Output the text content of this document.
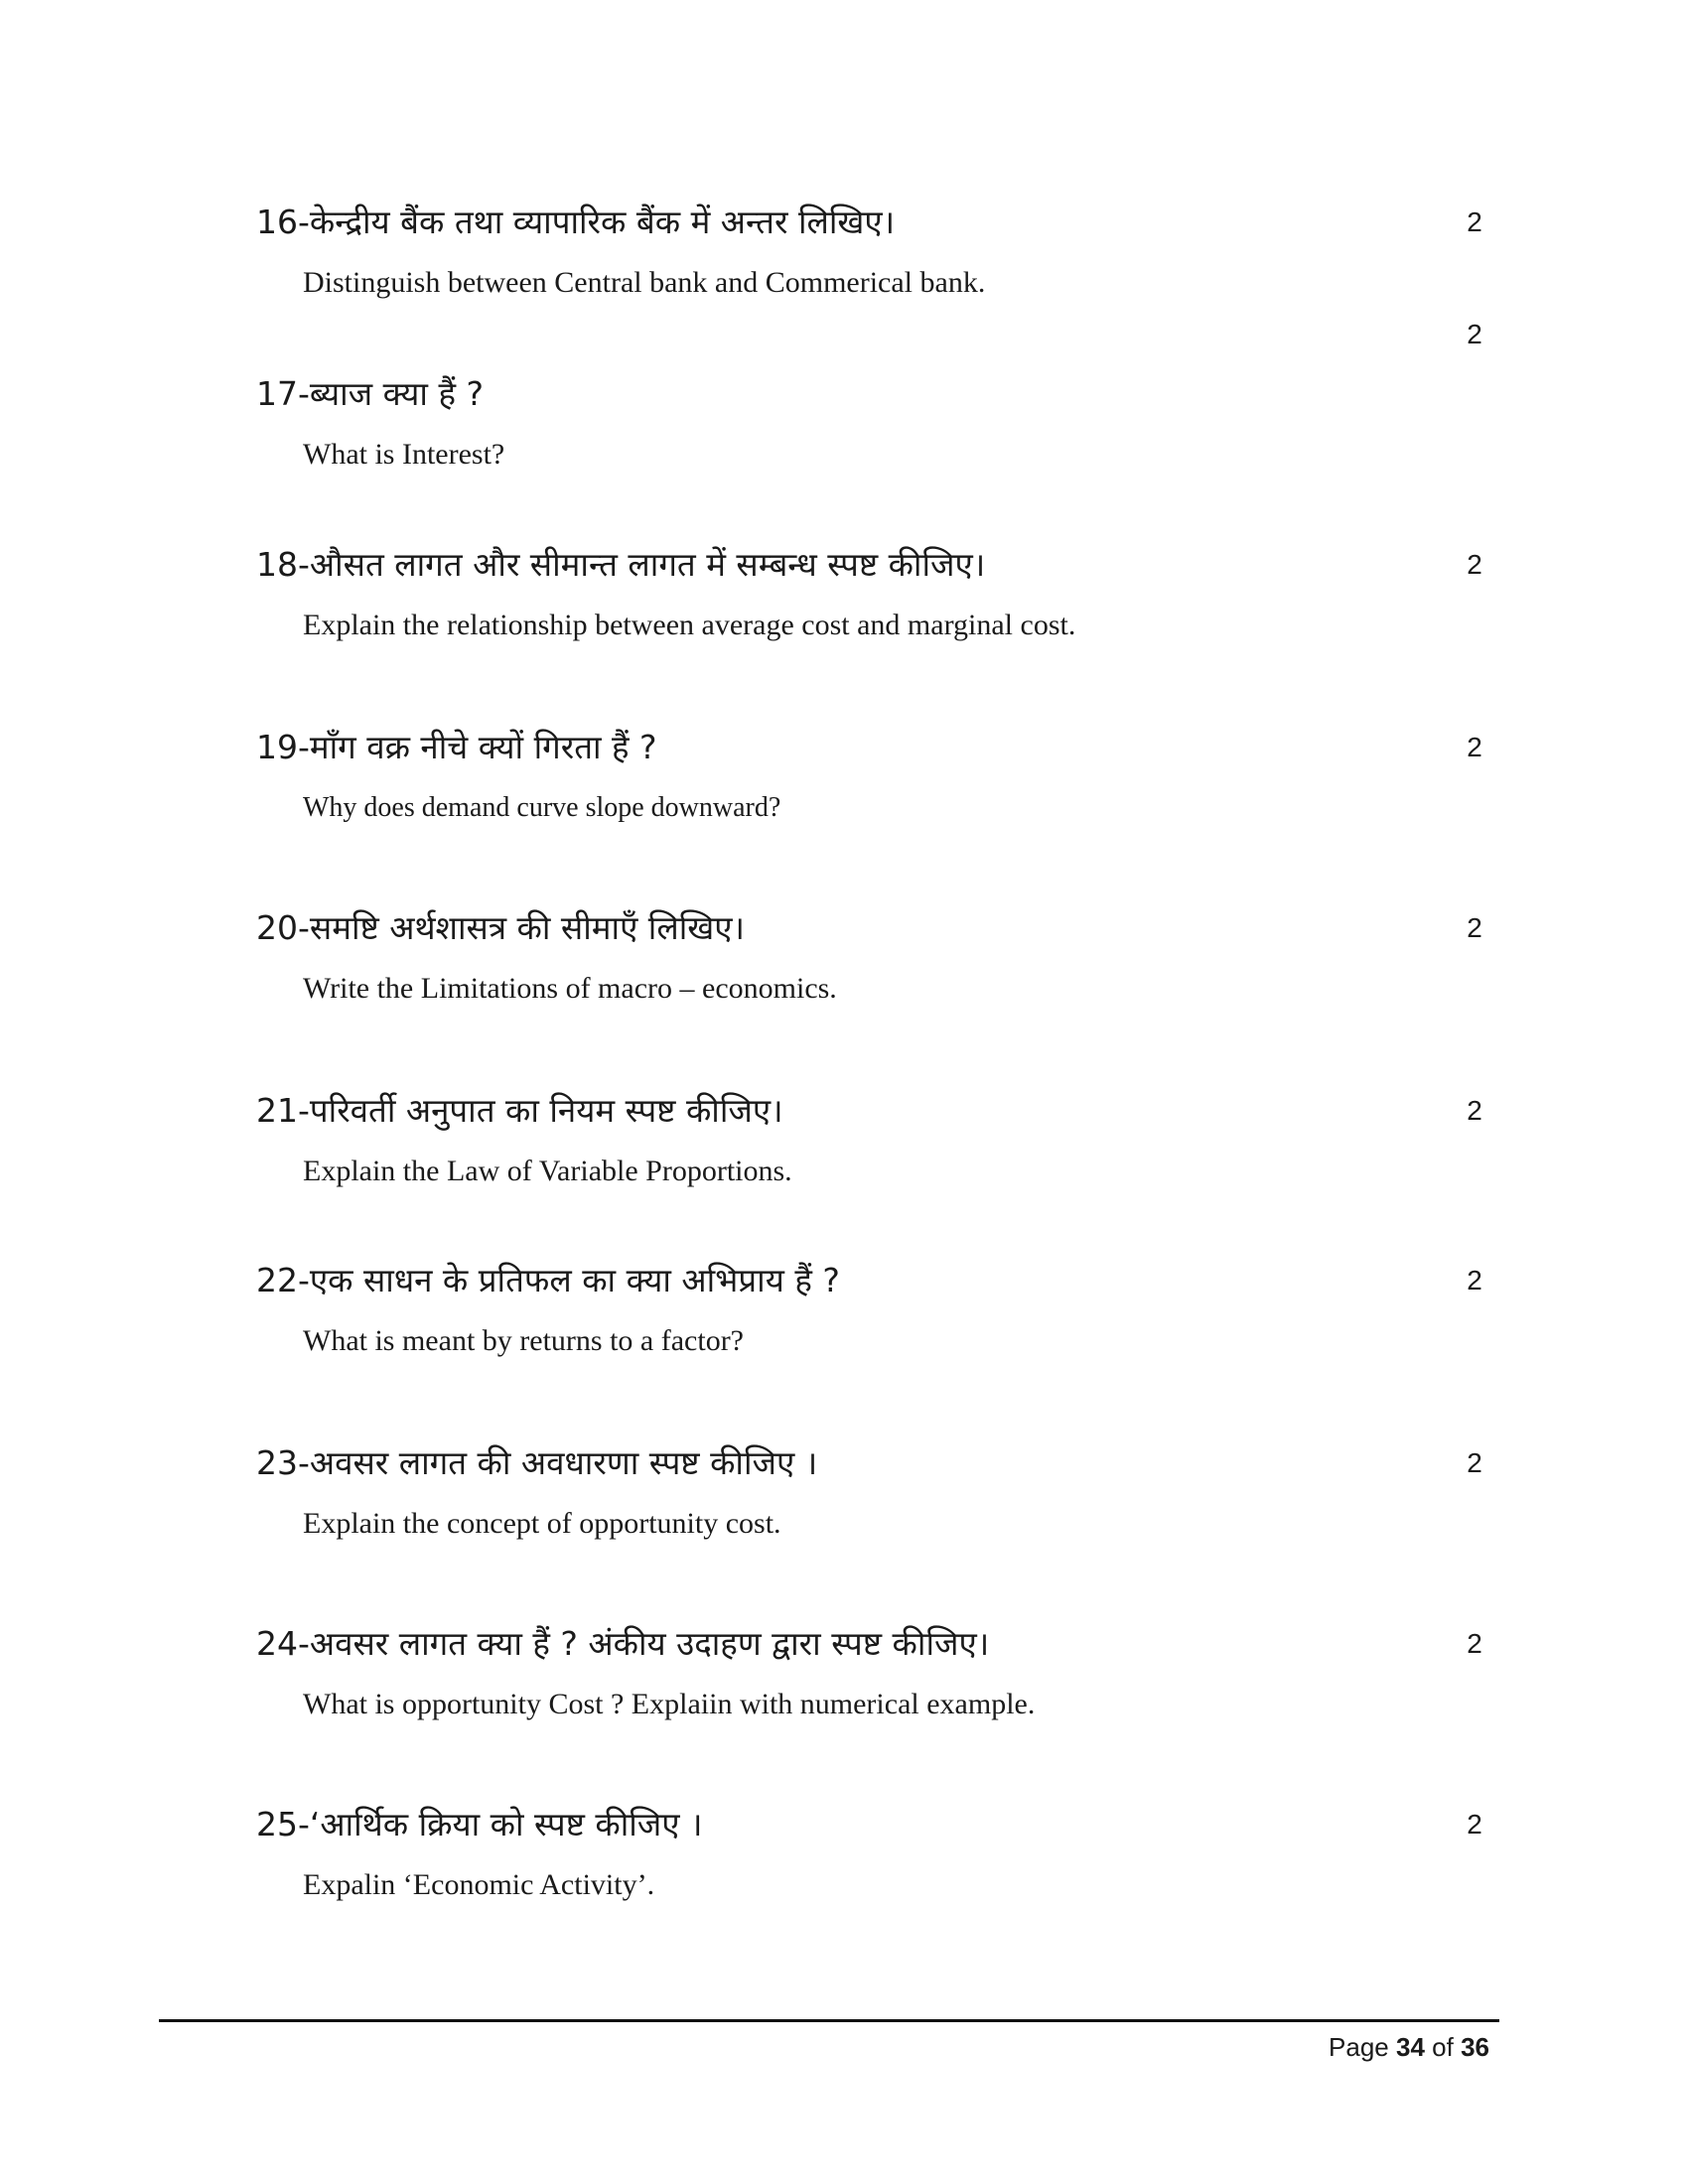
16-केन्द्रीय बैंक तथा व्यापारिक बैंक में अन्तर लिखिए।
Distinguish between Central bank and Commerical bank.
2
2
17-ब्याज क्या हैं ?
What is Interest?
18-औसत लागत और सीमान्त लागत में सम्बन्ध स्पष्ट कीजिए।
Explain the relationship between average cost and marginal cost.
2
19-माँग वक्र नीचे क्यों गिरता हैं ?
Why does demand curve slope downward?
2
20-समष्टि अर्थशासत्र की सीमाएँ लिखिए।
Write the Limitations of macro – economics.
2
21-परिवर्ती अनुपात का नियम स्पष्ट कीजिए।
Explain the Law of Variable Proportions.
2
22-एक साधन के प्रतिफल का क्या अभिप्राय हैं ?
What is meant by returns to a factor?
2
23-अवसर लागत की अवधारणा स्पष्ट कीजिए ।
Explain the concept of opportunity cost.
2
24-अवसर लागत क्या हैं ? अंकीय उदाहण द्वारा स्पष्ट कीजिए।
What is opportunity Cost ? Explaiin with numerical example.
2
25-‘आर्थिक क्रिया को स्पष्ट कीजिए ।
Expalin ‘Economic Activity’.
2
Page 34 of 36
